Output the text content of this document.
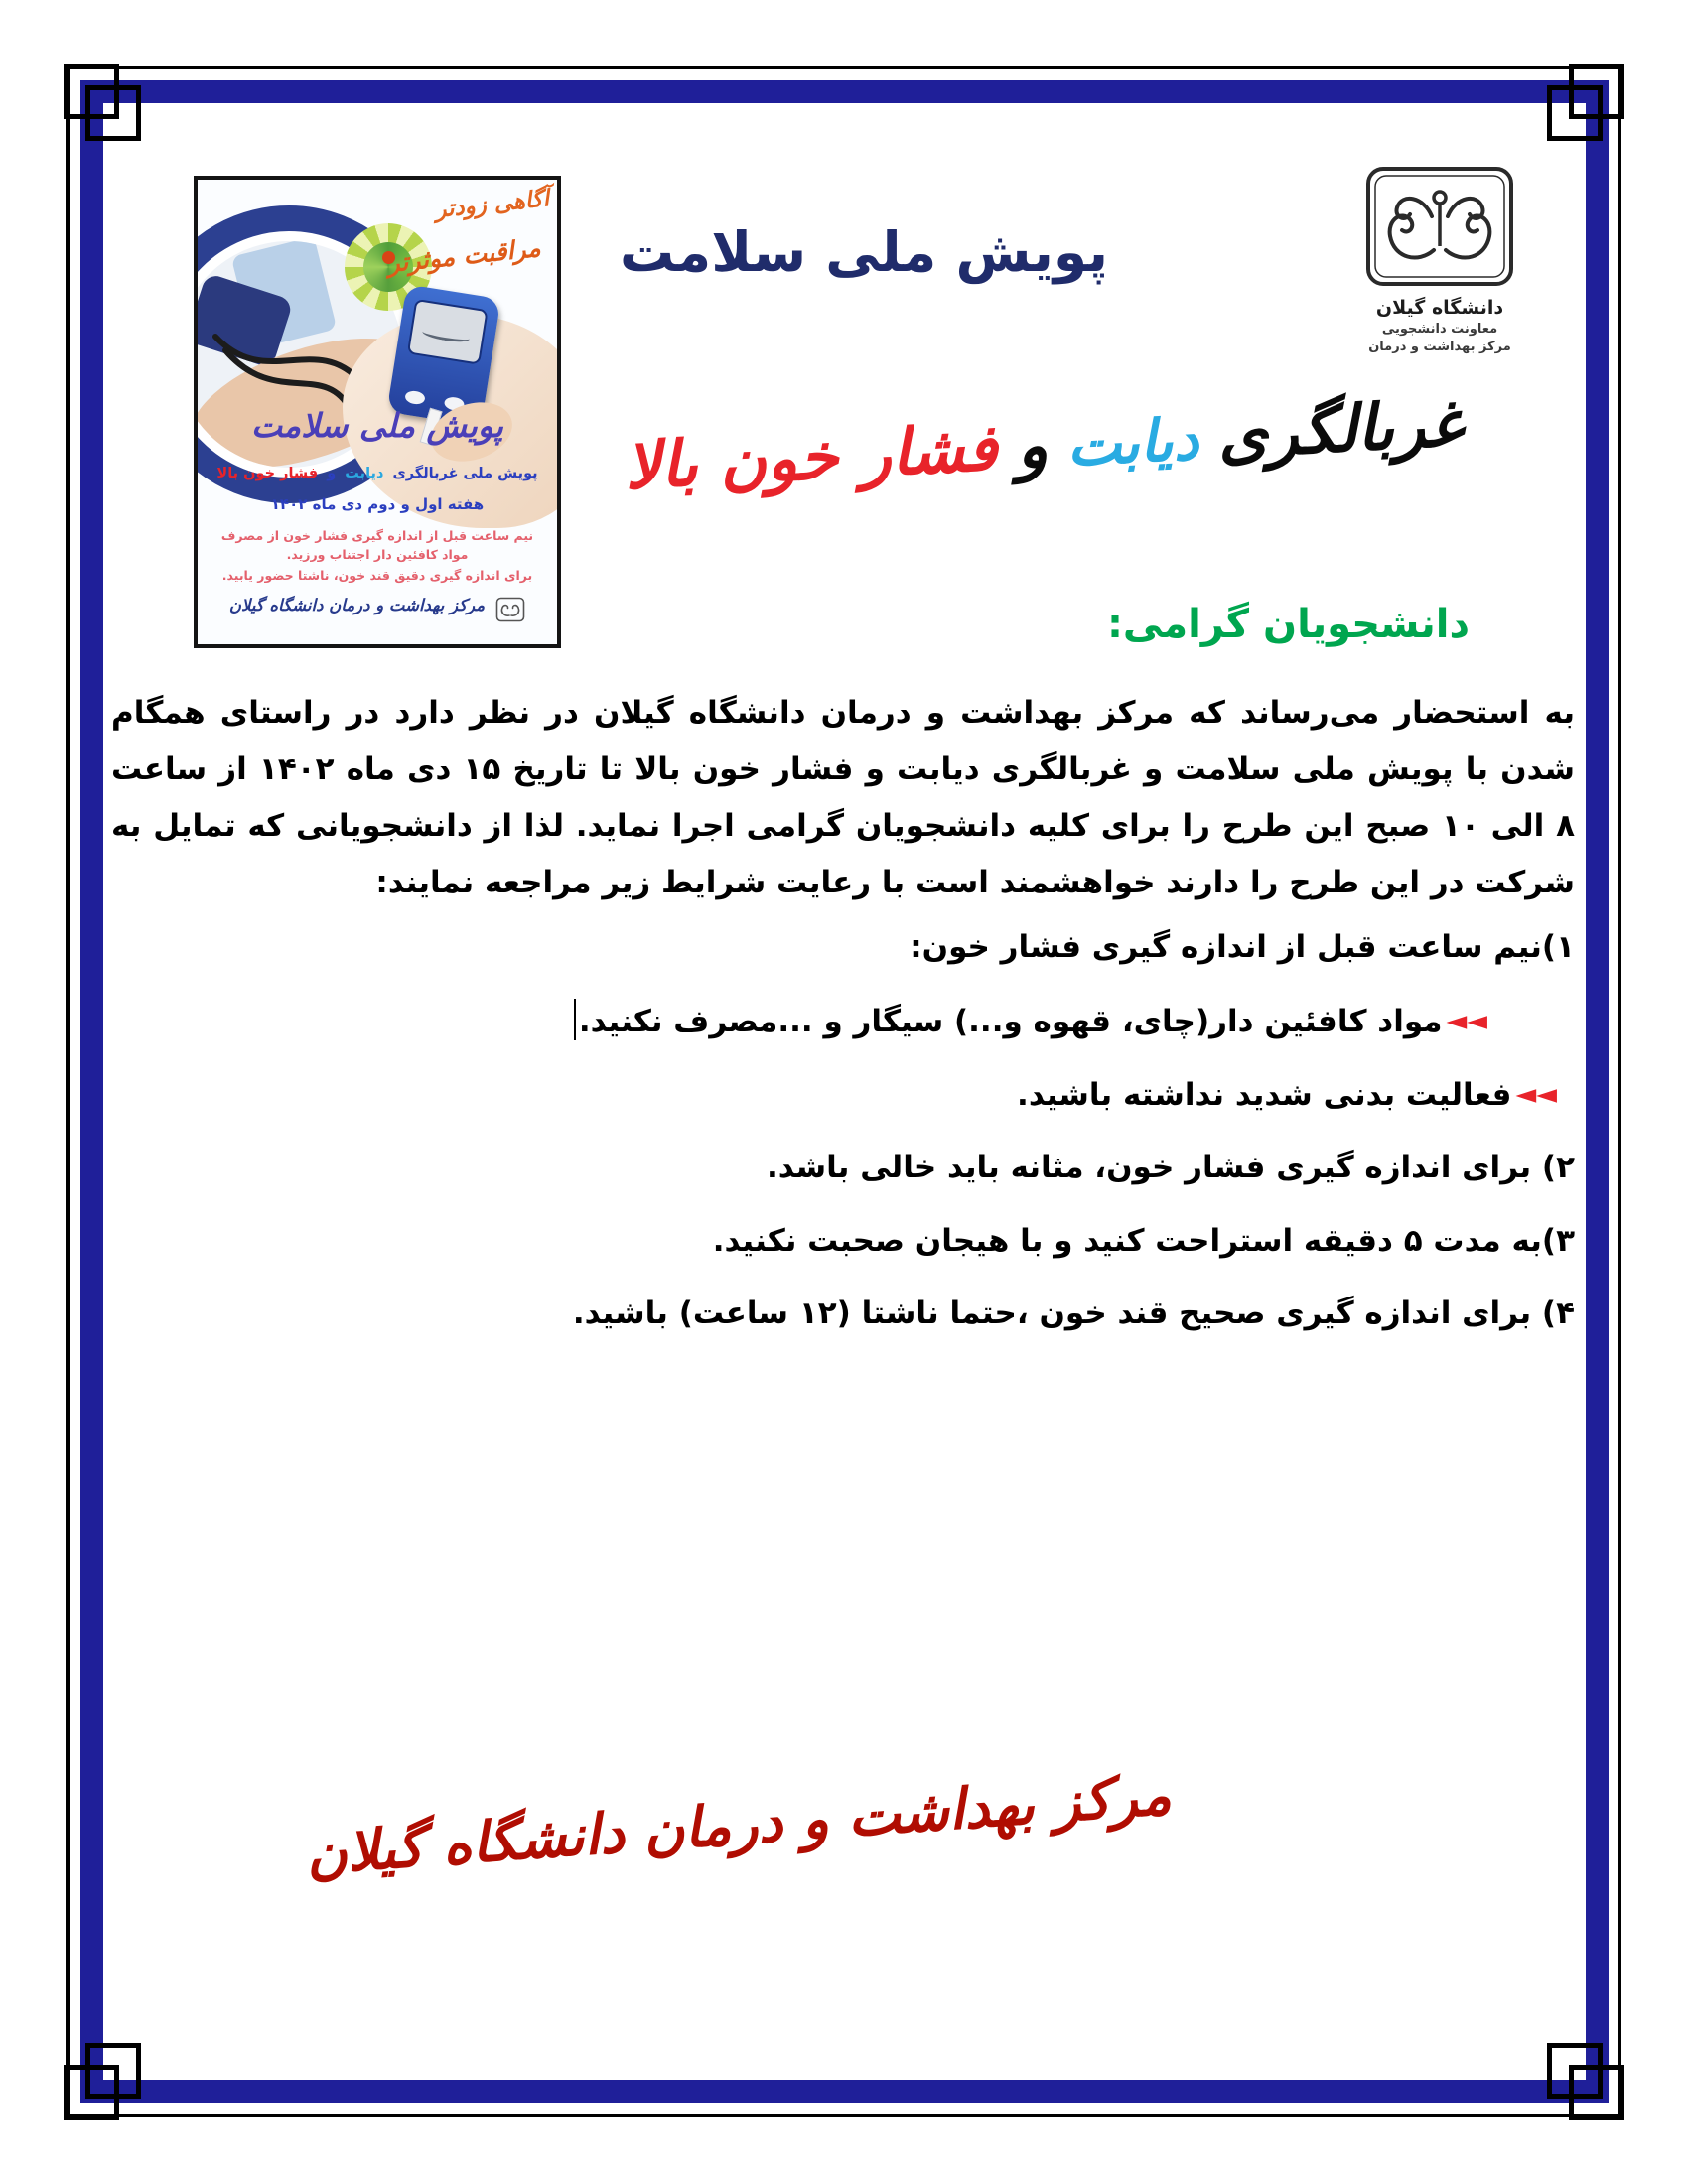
آگاهی زودتر
مراقبت موثرتر
پویش ملی سلامت
پویش ملی غربالگری دیابت و فشار خون بالا
هفته اول و دوم دی ماه ۱۴۰۲
نیم ساعت قبل از اندازه گیری فشار خون از مصرف مواد کافئین دار اجتناب ورزید.
برای اندازه گیری دقیق قند خون، ناشتا حضور یابید.
مرکز بهداشت و درمان دانشگاه گیلان
پویش ملی سلامت
دانشگاه گیلان
معاونت دانشجویی
مرکز بهداشت و درمان
غربالگری دیابت و فشار خون بالا
دانشجویان گرامی:
به استحضار می‌رساند که مرکز بهداشت و درمان دانشگاه گیلان در نظر دارد در راستای همگام شدن با پویش ملی سلامت و غربالگری دیابت و فشار خون بالا تا تاریخ ۱۵ دی ماه ۱۴۰۲ از ساعت ۸ الی ۱۰ صبح این طرح را برای کلیه دانشجویان گرامی اجرا نماید. لذا از دانشجویانی که تمایل به شرکت در این طرح را دارند خواهشمند است با رعایت شرایط زیر مراجعه نمایند:
۱)نیم ساعت قبل از اندازه گیری فشار خون:
◄◄مواد کافئین دار(چای، قهوه و...) سیگار و ...مصرف نکنید.
◄◄فعالیت بدنی شدید نداشته باشید.
۲) برای اندازه گیری فشار خون، مثانه باید خالی باشد.
۳)به مدت ۵ دقیقه استراحت کنید و با هیجان صحبت نکنید.
۴) برای اندازه گیری صحیح قند خون ،حتما ناشتا (۱۲ ساعت) باشید.
مرکز بهداشت و درمان دانشگاه گیلان
